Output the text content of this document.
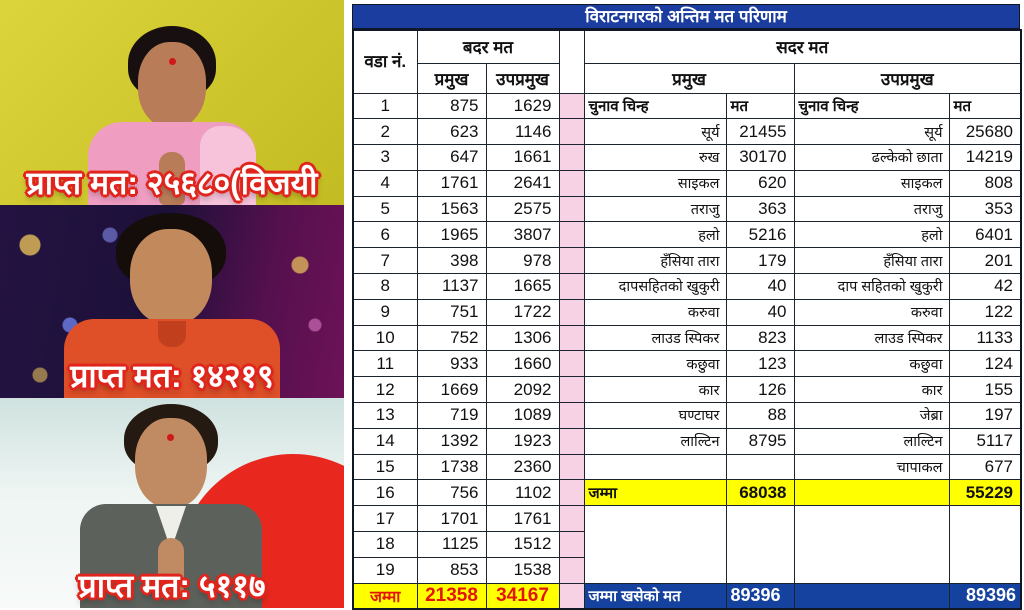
प्राप्त मत: २५६८०(विजयी
प्राप्त मत: १४२१९
प्राप्त मत: ५११७
विराटनगरको अन्तिम मत परिणाम
वडा नं.	बदर मत			सदर मत			
	प्रमुख	उपप्रमुख		प्रमुख		उपप्रमुख	
1	875	1629		चुनाव चिन्ह	मत	चुनाव चिन्ह	मत
2	623	1146		सूर्य	21455	सूर्य	25680
3	647	1661		रुख	30170	ढल्केको छाता	14219
4	1761	2641		साइकल	620	साइकल	808
5	1563	2575		तराजु	363	तराजु	353
6	1965	3807		हलो	5216	हलो	6401
7	398	978		हँसिया तारा	179	हँसिया तारा	201
8	1137	1665		दापसहितको खुकुरी	40	दाप सहितको खुकुरी	42
9	751	1722		करुवा	40	करुवा	122
10	752	1306		लाउड स्पिकर	823	लाउड स्पिकर	1133
11	933	1660		कछुवा	123	कछुवा	124
12	1669	2092		कार	126	कार	155
13	719	1089		घण्टाघर	88	जेब्रा	197
14	1392	1923		लाल्टिन	8795	लाल्टिन	5117
15	1738	2360				चापाकल	677
16	756	1102		जम्मा	68038		55229
17	1701	1761					
18	1125	1512					
19	853	1538					
जम्मा	21358	34167		जम्मा खसेको मत	89396		89396
